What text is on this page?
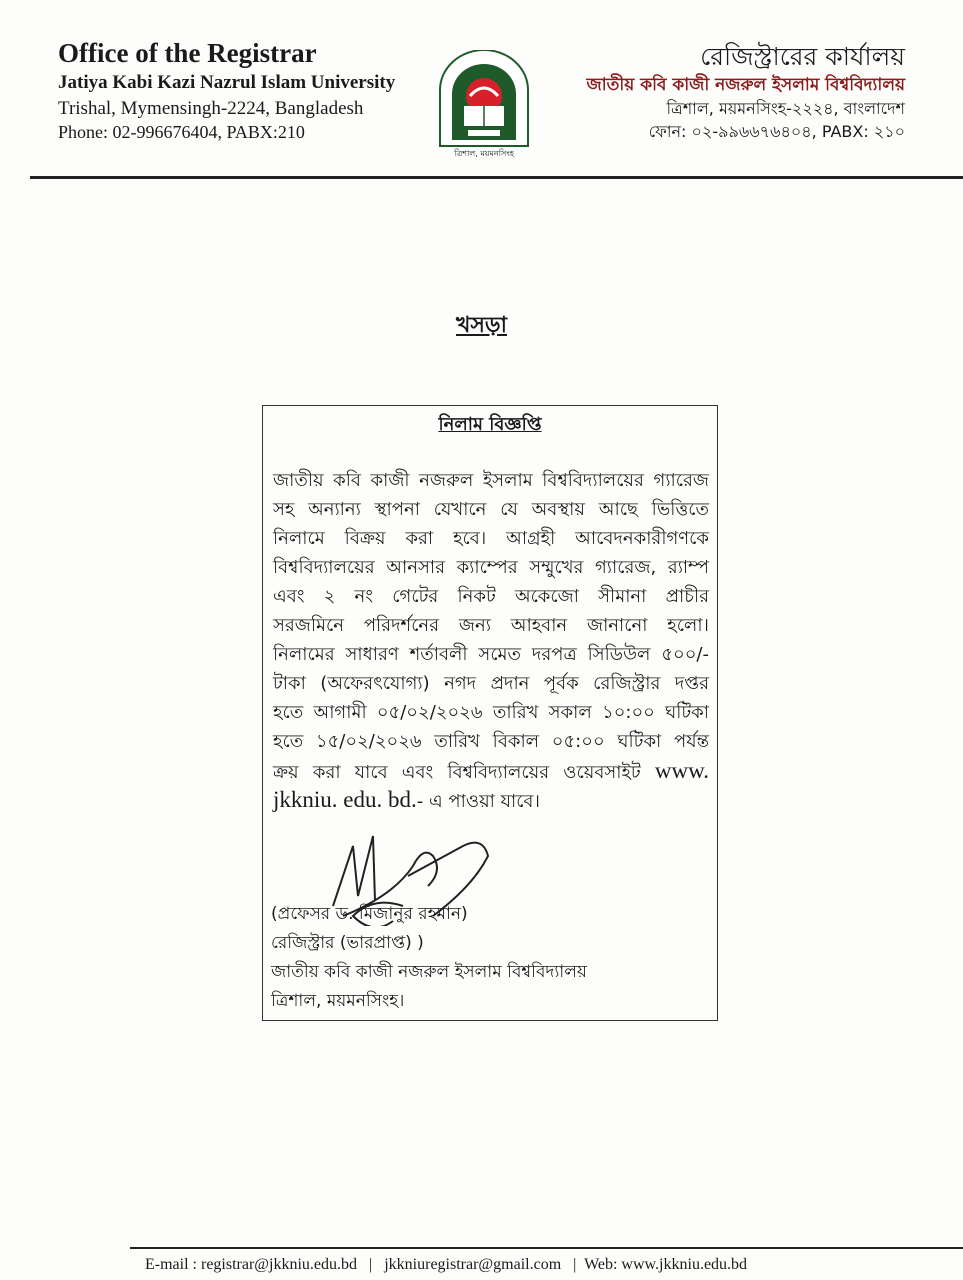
Office of the Registrar
Jatiya Kabi Kazi Nazrul Islam University
Trishal, Mymensingh-2224, Bangladesh
Phone: 02-996676404, PABX:210
ত্রিশাল, ময়মনসিংহ
রেজিস্ট্রারের কার্যালয়
জাতীয় কবি কাজী নজরুল ইসলাম বিশ্ববিদ্যালয়
ত্রিশাল, ময়মনসিংহ-২২২৪, বাংলাদেশ
ফোন: ০২-৯৯৬৬৭৬৪০৪, PABX: ২১০
খসড়া
নিলাম বিজ্ঞপ্তি
জাতীয় কবি কাজী নজরুল ইসলাম বিশ্ববিদ্যালয়ের গ্যারেজ
সহ অন্যান্য স্থাপনা যেখানে যে অবস্থায় আছে ভিত্তিতে
নিলামে বিক্রয় করা হবে। আগ্রহী আবেদনকারীগণকে
বিশ্ববিদ্যালয়ের আনসার ক্যাম্পের সম্মুখের গ্যারেজ, র‌্যাম্প
এবং ২ নং গেটের নিকট অকেজো সীমানা প্রাচীর
সরজমিনে পরিদর্শনের জন্য আহবান জানানো হলো।
নিলামের সাধারণ শর্তাবলী সমেত দরপত্র সিডিউল ৫০০/-
টাকা (অফেরৎযোগ্য) নগদ প্রদান পূর্বক রেজিস্ট্রার দপ্তর
হতে আগামী ০৫/০২/২০২৬ তারিখ সকাল ১০:০০ ঘটিকা
হতে ১৫/০২/২০২৬ তারিখ বিকাল ০৫:০০ ঘটিকা পর্যন্ত
ক্রয় করা যাবে এবং বিশ্ববিদ্যালয়ের ওয়েবসাইট www.
jkkniu. edu. bd.- এ পাওয়া যাবে।
(প্রফেসর ড. মিজানুর রহমান)
রেজিস্ট্রার (ভারপ্রাপ্ত) )
জাতীয় কবি কাজী নজরুল ইসলাম বিশ্ববিদ্যালয়
ত্রিশাল, ময়মনসিংহ।
E-mail : registrar@jkkniu.edu.bd | jkkniuregistrar@gmail.com | Web: www.jkkniu.edu.bd
